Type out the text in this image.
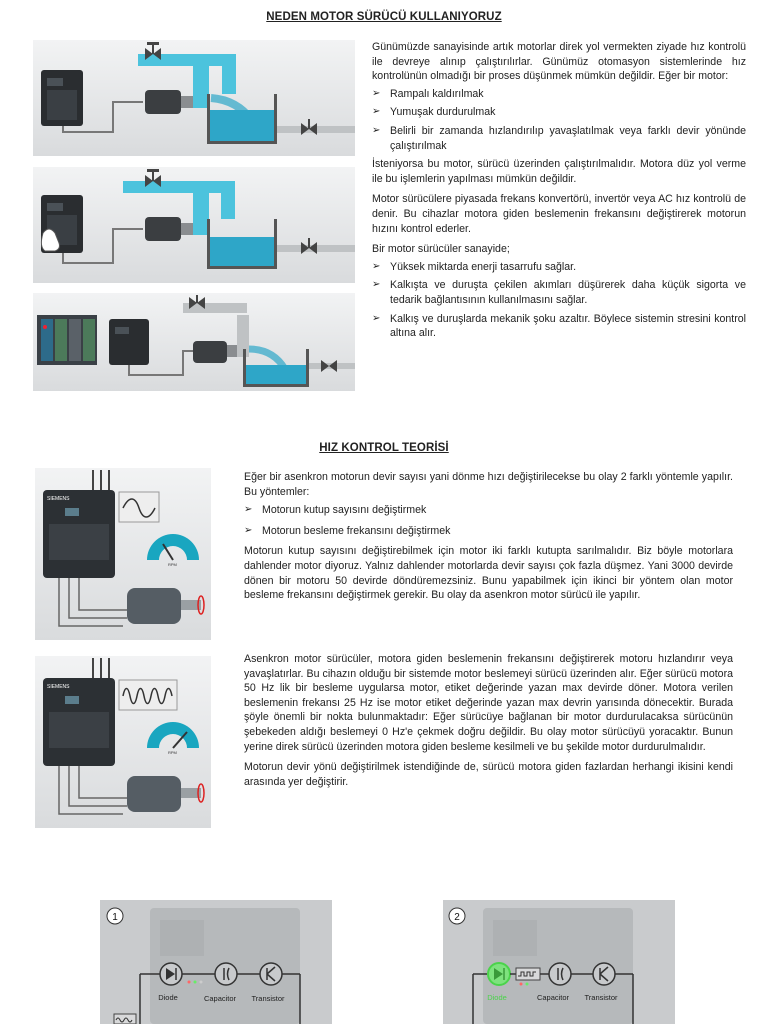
NEDEN MOTOR SÜRÜCÜ KULLANIYORUZ

Günümüzde sanayisinde artık motorlar direk yol vermekten ziyade hız kontrolü ile devreye alınıp çalıştırılırlar. Günümüz otomasyon sistemlerinde hız kontrolünün olmadığı bir proses düşünmek mümkün değildir. Eğer bir motor:

➢ Rampalı kaldırılmak
➢ Yumuşak durdurulmak
➢ Belirli bir zamanda hızlandırılıp yavaşlatılmak veya farklı devir yönünde çalıştırılmak

İsteniyorsa bu motor, sürücü üzerinden çalıştırılmalıdır. Motora düz yol verme ile bu işlemlerin yapılması mümkün değildir.

Motor sürücülere piyasada frekans konvertörü, invertör veya AC hız kontrolü de denir. Bu cihazlar motora giden beslemenin frekansını değiştirerek motorun hızını kontrol ederler.

Bir motor sürücüler sanayide;

➢ Yüksek miktarda enerji tasarrufu sağlar.
➢ Kalkışta ve duruşta çekilen akımları düşürerek daha küçük sigorta ve tedarik bağlantısının kullanılmasını sağlar.
➢ Kalkış ve duruşlarda mekanik şoku azaltır. Böylece sistemin stresini kontrol altına alır.
HIZ KONTROL TEORİSİ
SIEMENS
RPM
SIEMENS
RPM

Eğer bir asenkron motorun devir sayısı yani dönme hızı değiştirilecekse bu olay 2 farklı yöntemle yapılır. Bu yöntemler:

➢ Motorun kutup sayısını değiştirmek
➢ Motorun besleme frekansını değiştirmek

Motorun kutup sayısını değiştirebilmek için motor iki farklı kutupta sarılmalıdır. Biz böyle motorlara dahlender motor diyoruz. Yalnız dahlender motorlarda devir sayısı çok fazla düşmez. Yani 3000 devirde dönen bir motoru 50 devirde döndüremezsiniz. Bunu yapabilmek için ikinci bir yöntem olan motor besleme frekansını değiştirmek gerekir. Bu olay da asenkron motor sürücü ile yapılır.

Asenkron motor sürücüler, motora giden beslemenin frekansını değiştirerek motoru hızlandırır veya yavaşlatırlar. Bu cihazın olduğu bir sistemde motor beslemeyi sürücü üzerinden alır. Eğer sürücü motora 50 Hz lik bir besleme uygularsa motor, etiket değerinde yazan max devirde döner. Motora verilen beslemenin frekansı 25 Hz ise motor etiket değerinde yazan max devrin yarısında dönecektir. Burada şöyle önemli bir nokta bulunmaktadır: Eğer sürücüye bağlanan bir motor durdurulacaksa sürücünün şebekeden aldığı beslemeyi 0 Hz'e çekmek doğru değildir. Bu olay motor sürücüyü yoracaktır. Bunun yerine direk sürücü üzerinden motora giden besleme kesilmeli ve bu şekilde motor durdurulmalıdır.

Motorun devir yönü değiştirilmek istendiğinde de, sürücü motora giden fazlardan herhangi ikisini kendi arasında yer değiştirir.

1
Diode	Capacitor Transistor
2
Diode	Capacitor Transistor
